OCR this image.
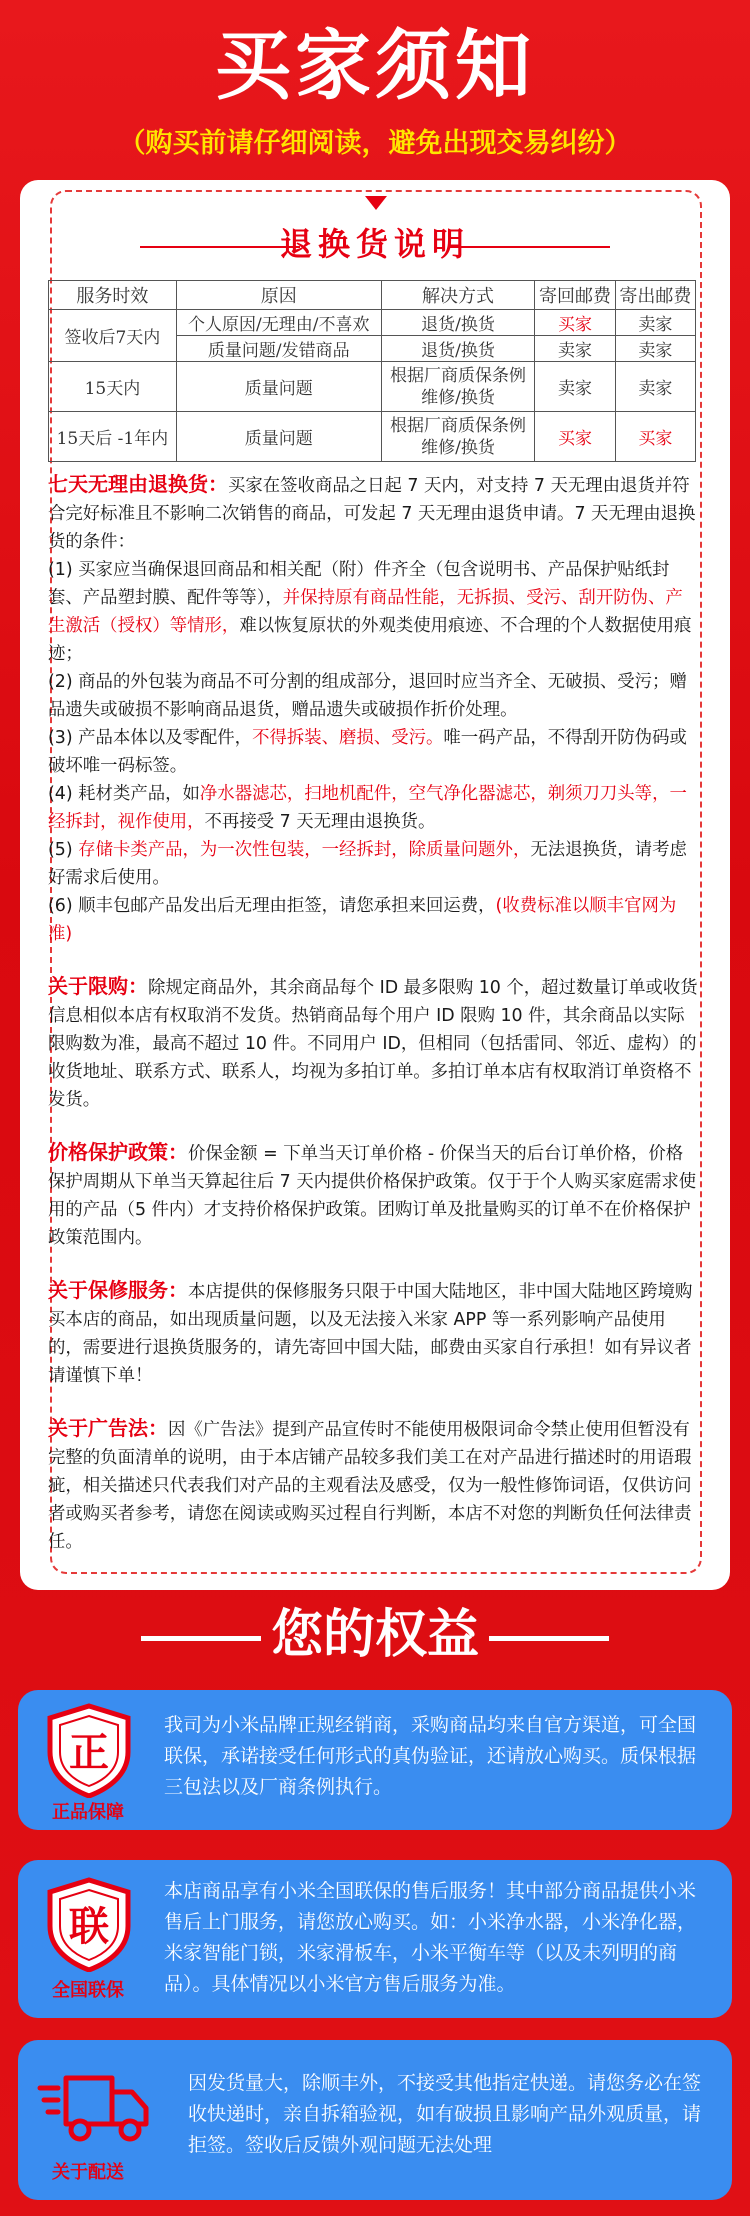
买家须知
（购买前请仔细阅读，避免出现交易纠纷）
退换货说明
服务时效	原因	解决方式	寄回邮费	寄出邮费
签收后7天内	个人原因/无理由/不喜欢	退货/换货	买家	卖家
	质量问题/发错商品	退货/换货	卖家	卖家
15天内	质量问题	根据厂商质保条例维修/换货	卖家	卖家
15天后 -1年内	质量问题	根据厂商质保条例维修/换货	买家	买家

七天无理由退换货：买家在签收商品之日起 7 天内，对支持 7 天无理由退货并符合完好标准且不影响二次销售的商品，可发起 7 天无理由退货申请。7 天无理由退换货的条件：

(1) 买家应当确保退回商品和相关配（附）件齐全（包含说明书、产品保护贴纸封套、产品塑封膜、配件等等），并保持原有商品性能，无拆损、受污、刮开防伪、产生激活（授权）等情形，难以恢复原状的外观类使用痕迹、不合理的个人数据使用痕迹；

(2) 商品的外包装为商品不可分割的组成部分，退回时应当齐全、无破损、受污；赠品遗失或破损不影响商品退货，赠品遗失或破损作折价处理。

(3) 产品本体以及零配件，不得拆装、磨损、受污。唯一码产品，不得刮开防伪码或破坏唯一码标签。

(4) 耗材类产品，如净水器滤芯，扫地机配件，空气净化器滤芯，剃须刀刀头等，一经拆封，视作使用，不再接受 7 天无理由退换货。

(5) 存储卡类产品，为一次性包装，一经拆封，除质量问题外，无法退换货，请考虑好需求后使用。

(6) 顺丰包邮产品发出后无理由拒签，请您承担来回运费，(收费标准以顺丰官网为准)

关于限购：除规定商品外，其余商品每个 ID 最多限购 10 个，超过数量订单或收货信息相似本店有权取消不发货。热销商品每个用户 ID 限购 10 件，其余商品以实际限购数为准，最高不超过 10 件。不同用户 ID，但相同（包括雷同、邻近、虚构）的收货地址、联系方式、联系人，均视为多拍订单。多拍订单本店有权取消订单资格不发货。

价格保护政策：价保金额 = 下单当天订单价格 - 价保当天的后台订单价格，价格保护周期从下单当天算起往后 7 天内提供价格保护政策。仅于于个人购买家庭需求使用的产品（5 件内）才支持价格保护政策。团购订单及批量购买的订单不在价格保护政策范围内。

关于保修服务：本店提供的保修服务只限于中国大陆地区，非中国大陆地区跨境购买本店的商品，如出现质量问题，以及无法接入米家 APP 等一系列影响产品使用的，需要进行退换货服务的，请先寄回中国大陆，邮费由买家自行承担！如有异议者请谨慎下单！

关于广告法：因《广告法》提到产品宣传时不能使用极限词命令禁止使用但暂没有完整的负面清单的说明，由于本店铺产品较多我们美工在对产品进行描述时的用语瑕疵，相关描述只代表我们对产品的主观看法及感受，仅为一般性修饰词语，仅供访问者或购买者参考，请您在阅读或购买过程自行判断，本店不对您的判断负任何法律责任。

您的权益
正
正品保障
我司为小米品牌正规经销商，采购商品均来自官方渠道，可全国联保，承诺接受任何形式的真伪验证，还请放心购买。质保根据三包法以及厂商条例执行。
联
全国联保
本店商品享有小米全国联保的售后服务！其中部分商品提供小米售后上门服务，请您放心购买。如：小米净水器，小米净化器，米家智能门锁，米家滑板车，小米平衡车等（以及未列明的商品）。具体情况以小米官方售后服务为准。
关于配送
因发货量大，除顺丰外，不接受其他指定快递。请您务必在签收快递时，亲自拆箱验视，如有破损且影响产品外观质量，请拒签。签收后反馈外观问题无法处理
